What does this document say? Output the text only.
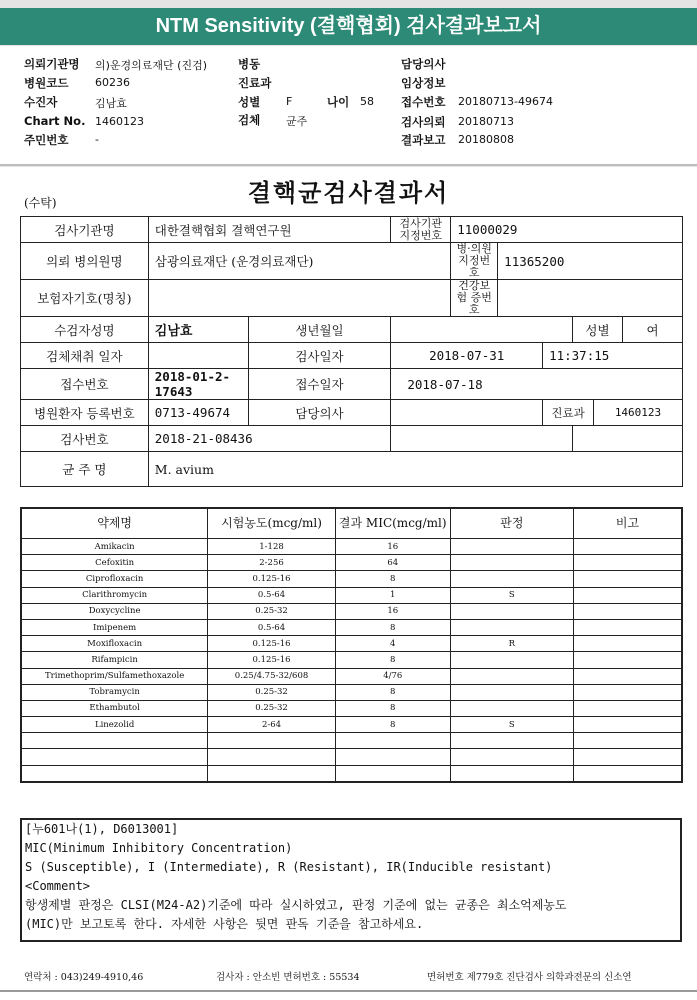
NTM Sensitivity (결핵협회) 검사결과보고서
의뢰기관명 의)운경의료재단 (진검)	병동	담당의사
병원코드 60236	진료과	임상정보
수진자	김남효	성별 F	나이 58 접수번호 20180713-49674
Chart No. 1460123	검체 균주	검사의뢰 20180713
주민번호 -	결과보고 20180808
결핵균검사결과서
(수탁)
검사기관명	대한결핵협회 결핵연구원		검사기관 지정번호	11000029					
의뢰 병의원명	삼광의료재단 (운경의료재단)			병·의원 지정번호	11365200				
보험자기호(명칭)				건강보험 증번호					
수검자성명	김남효	생년월일					성별		여
검체채취 일자		검사일자	2018-07-31			11:37:15			
접수번호	2018-01-2-17643	접수일자	2018-07-18						
병원환자 등록번호	0713-49674	담당의사				진료과		1460123	
검사번호	2018-21-08436								
균 주 명	M. avium								
약제명	시험농도(mcg/ml)	결과 MIC(mcg/ml)	판정	비고
Amikacin	1-128	16		
Cefoxitin	2-256	64		
Ciprofloxacin	0.125-16	8		
Clarithromycin	0.5-64	1	S	
Doxycycline	0.25-32	16		
Imipenem	0.5-64	8		
Moxifloxacin	0.125-16	4	R	
Rifampicin	0.125-16	8		
Trimethoprim/Sulfamethoxazole	0.25/4.75-32/608	4/76		
Tobramycin	0.25-32	8		
Ethambutol	0.25-32	8		
Linezolid	2-64	8	S	

[누601나(1), D6013001]
MIC(Minimum Inhibitory Concentration)
S (Susceptible), I (Intermediate), R (Resistant), IR(Inducible resistant)
<Comment>
항생제별 판정은 CLSI(M24-A2)기준에 따라 실시하였고, 판정 기준에 없는 균종은 최소억제농도
(MIC)만 보고토록 한다. 자세한 사항은 뒷면 판독 기준을 참고하세요.
연락처 : 043)249-4910,46	검사자 : 안소빈 면허번호 : 55534	면허번호 제779호 진단검사 의학과전문의 신소연
